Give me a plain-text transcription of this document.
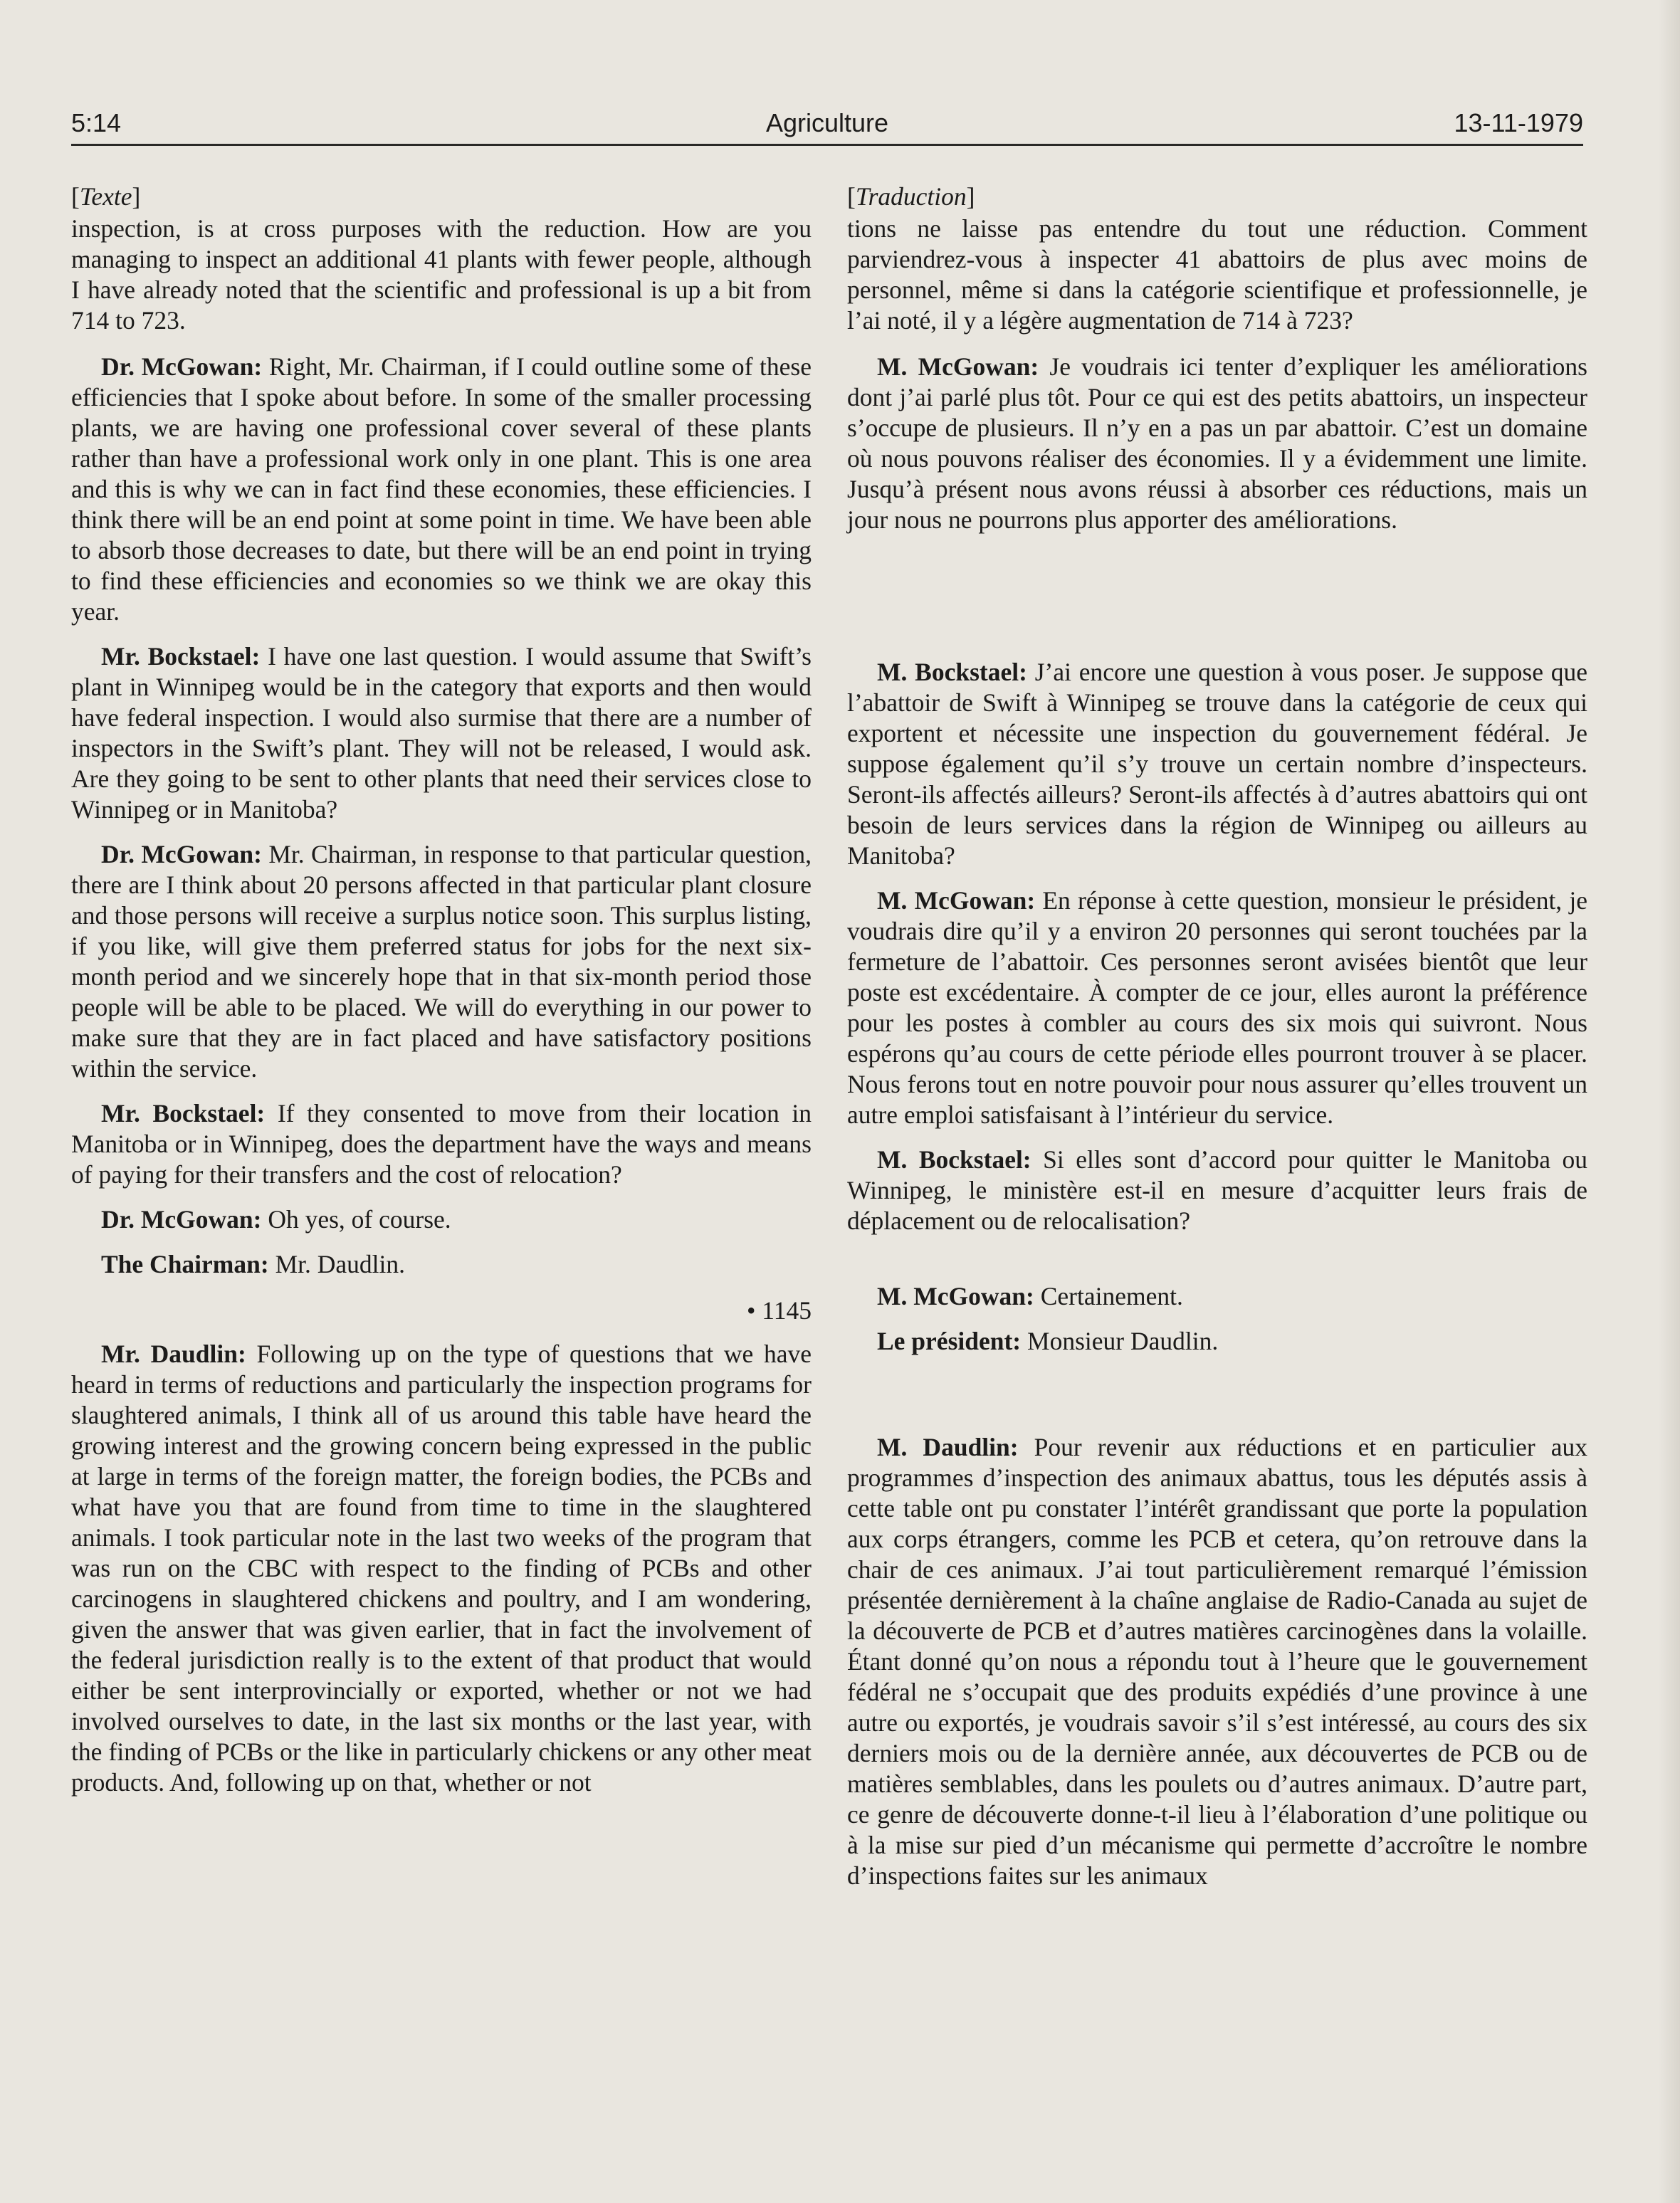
5:14	Agriculture	13-11-1979
[Texte]

inspection, is at cross purposes with the reduction. How are you managing to inspect an additional 41 plants with fewer people, although I have already noted that the scientific and professional is up a bit from 714 to 723.

Dr. McGowan: Right, Mr. Chairman, if I could outline some of these efficiencies that I spoke about before. In some of the smaller processing plants, we are having one professional cover several of these plants rather than have a professional work only in one plant. This is one area and this is why we can in fact find these economies, these efficiencies. I think there will be an end point at some point in time. We have been able to absorb those decreases to date, but there will be an end point in trying to find these efficiencies and economies so we think we are okay this year.

Mr. Bockstael: I have one last question. I would assume that Swift’s plant in Winnipeg would be in the category that exports and then would have federal inspection. I would also surmise that there are a number of inspectors in the Swift’s plant. They will not be released, I would ask. Are they going to be sent to other plants that need their services close to Winnipeg or in Manitoba?

Dr. McGowan: Mr. Chairman, in response to that particular question, there are I think about 20 persons affected in that particular plant closure and those persons will receive a surplus notice soon. This surplus listing, if you like, will give them preferred status for jobs for the next six-month period and we sincerely hope that in that six-month period those people will be able to be placed. We will do everything in our power to make sure that they are in fact placed and have satisfactory positions within the service.

Mr. Bockstael: If they consented to move from their location in Manitoba or in Winnipeg, does the department have the ways and means of paying for their transfers and the cost of relocation?

Dr. McGowan: Oh yes, of course.

The Chairman: Mr. Daudlin.

• 1145

Mr. Daudlin: Following up on the type of questions that we have heard in terms of reductions and particularly the inspection programs for slaughtered animals, I think all of us around this table have heard the growing interest and the growing concern being expressed in the public at large in terms of the foreign matter, the foreign bodies, the PCBs and what have you that are found from time to time in the slaughtered animals. I took particular note in the last two weeks of the program that was run on the CBC with respect to the finding of PCBs and other carcinogens in slaughtered chickens and poultry, and I am wondering, given the answer that was given earlier, that in fact the involvement of the federal jurisdiction really is to the extent of that product that would either be sent interprovincially or exported, whether or not we had involved ourselves to date, in the last six months or the last year, with the finding of PCBs or the like in particularly chickens or any other meat products. And, following up on that, whether or not

[Traduction]

tions ne laisse pas entendre du tout une réduction. Comment parviendrez-vous à inspecter 41 abattoirs de plus avec moins de personnel, même si dans la catégorie scientifique et professionnelle, je l’ai noté, il y a légère augmentation de 714 à 723?

M. McGowan: Je voudrais ici tenter d’expliquer les améliorations dont j’ai parlé plus tôt. Pour ce qui est des petits abattoirs, un inspecteur s’occupe de plusieurs. Il n’y en a pas un par abattoir. C’est un domaine où nous pouvons réaliser des économies. Il y a évidemment une limite. Jusqu’à présent nous avons réussi à absorber ces réductions, mais un jour nous ne pourrons plus apporter des améliorations.

M. Bockstael: J’ai encore une question à vous poser. Je suppose que l’abattoir de Swift à Winnipeg se trouve dans la catégorie de ceux qui exportent et nécessite une inspection du gouvernement fédéral. Je suppose également qu’il s’y trouve un certain nombre d’inspecteurs. Seront-ils affectés ailleurs? Seront-ils affectés à d’autres abattoirs qui ont besoin de leurs services dans la région de Winnipeg ou ailleurs au Manitoba?

M. McGowan: En réponse à cette question, monsieur le président, je voudrais dire qu’il y a environ 20 personnes qui seront touchées par la fermeture de l’abattoir. Ces personnes seront avisées bientôt que leur poste est excédentaire. À compter de ce jour, elles auront la préférence pour les postes à combler au cours des six mois qui suivront. Nous espérons qu’au cours de cette période elles pourront trouver à se placer. Nous ferons tout en notre pouvoir pour nous assurer qu’elles trouvent un autre emploi satisfaisant à l’intérieur du service.

M. Bockstael: Si elles sont d’accord pour quitter le Manitoba ou Winnipeg, le ministère est-il en mesure d’acquitter leurs frais de déplacement ou de relocalisation?

M. McGowan: Certainement.

Le président: Monsieur Daudlin.

M. Daudlin: Pour revenir aux réductions et en particulier aux programmes d’inspection des animaux abattus, tous les députés assis à cette table ont pu constater l’intérêt grandissant que porte la population aux corps étrangers, comme les PCB et cetera, qu’on retrouve dans la chair de ces animaux. J’ai tout particulièrement remarqué l’émission présentée dernièrement à la chaîne anglaise de Radio-Canada au sujet de la découverte de PCB et d’autres matières carcinogènes dans la volaille. Étant donné qu’on nous a répondu tout à l’heure que le gouvernement fédéral ne s’occupait que des produits expédiés d’une province à une autre ou exportés, je voudrais savoir s’il s’est intéressé, au cours des six derniers mois ou de la dernière année, aux découvertes de PCB ou de matières semblables, dans les poulets ou d’autres animaux. D’autre part, ce genre de découverte donne-t-il lieu à l’élaboration d’une politique ou à la mise sur pied d’un mécanisme qui permette d’accroître le nombre d’inspections faites sur les animaux
